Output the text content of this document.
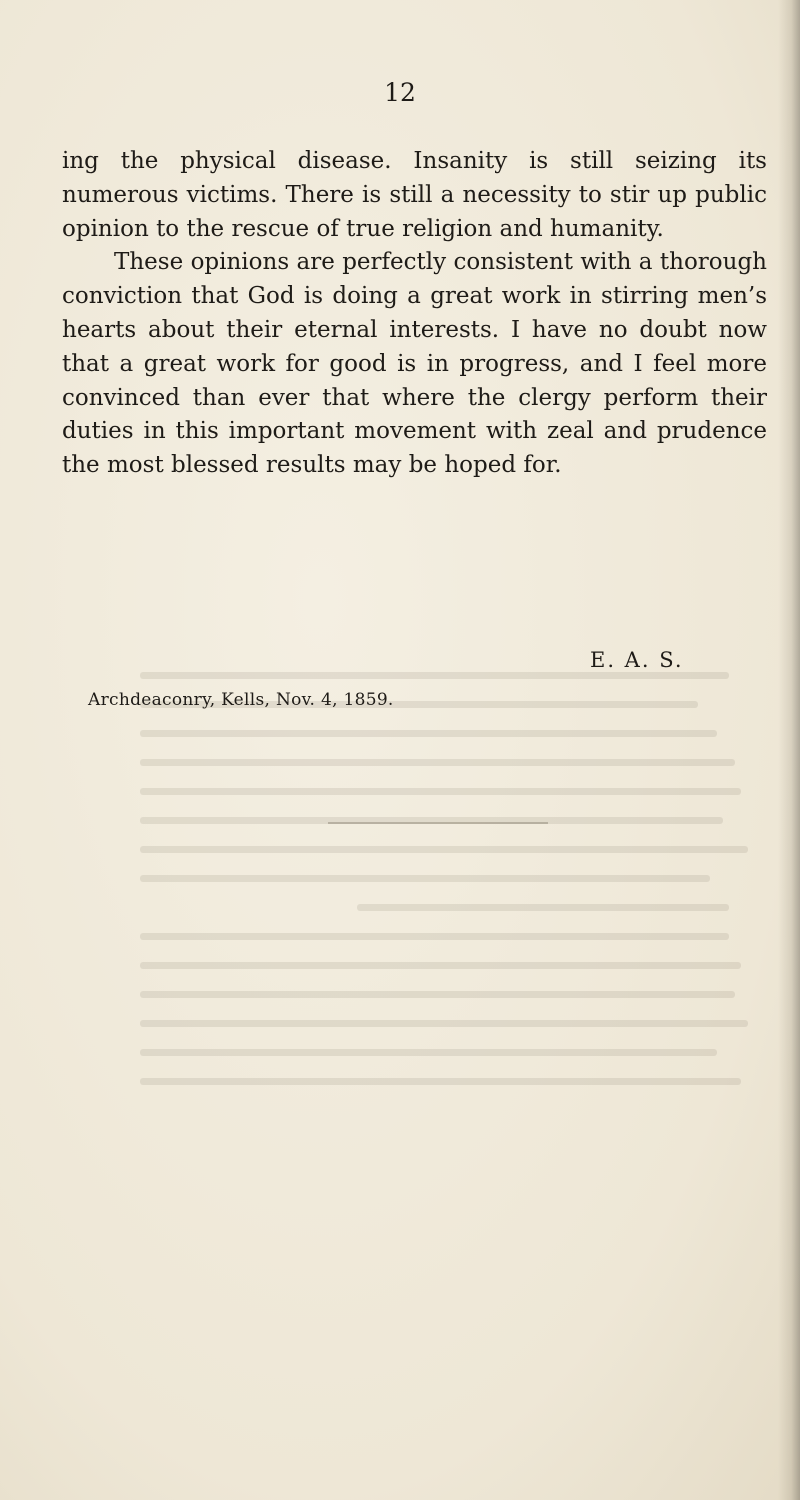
12

ing the physical disease. Insanity is still seizing its numerous victims. There is still a necessity to stir up public opinion to the rescue of true religion and humanity.

These opinions are perfectly consistent with a thorough conviction that God is doing a great work in stirring men’s hearts about their eternal interests. I have no doubt now that a great work for good is in progress, and I feel more convinced than ever that where the clergy perform their duties in this important movement with zeal and prudence the most blessed results may be hoped for.

E. A. S.
Archdeaconry, Kells, Nov. 4, 1859.
